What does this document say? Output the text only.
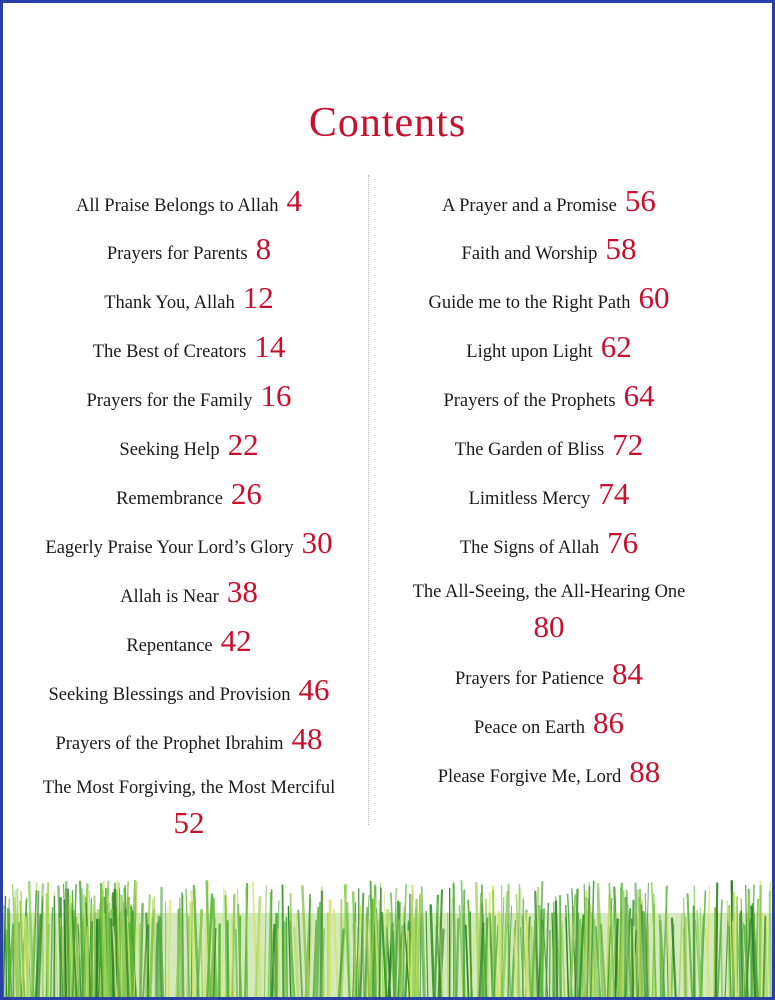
Contents
All Praise Belongs to Allah 4
Prayers for Parents 8
Thank You, Allah 12
The Best of Creators 14
Prayers for the Family 16
Seeking Help 22
Remembrance 26
Eagerly Praise Your Lord’s Glory 30
Allah is Near 38
Repentance 42
Seeking Blessings and Provision 46
Prayers of the Prophet Ibrahim 48
The Most Forgiving, the Most Merciful
52
A Prayer and a Promise 56
Faith and Worship 58
Guide me to the Right Path 60
Light upon Light 62
Prayers of the Prophets 64
The Garden of Bliss 72
Limitless Mercy 74
The Signs of Allah 76
The All-Seeing, the All-Hearing One
80
Prayers for Patience 84
Peace on Earth 86
Please Forgive Me, Lord 88
